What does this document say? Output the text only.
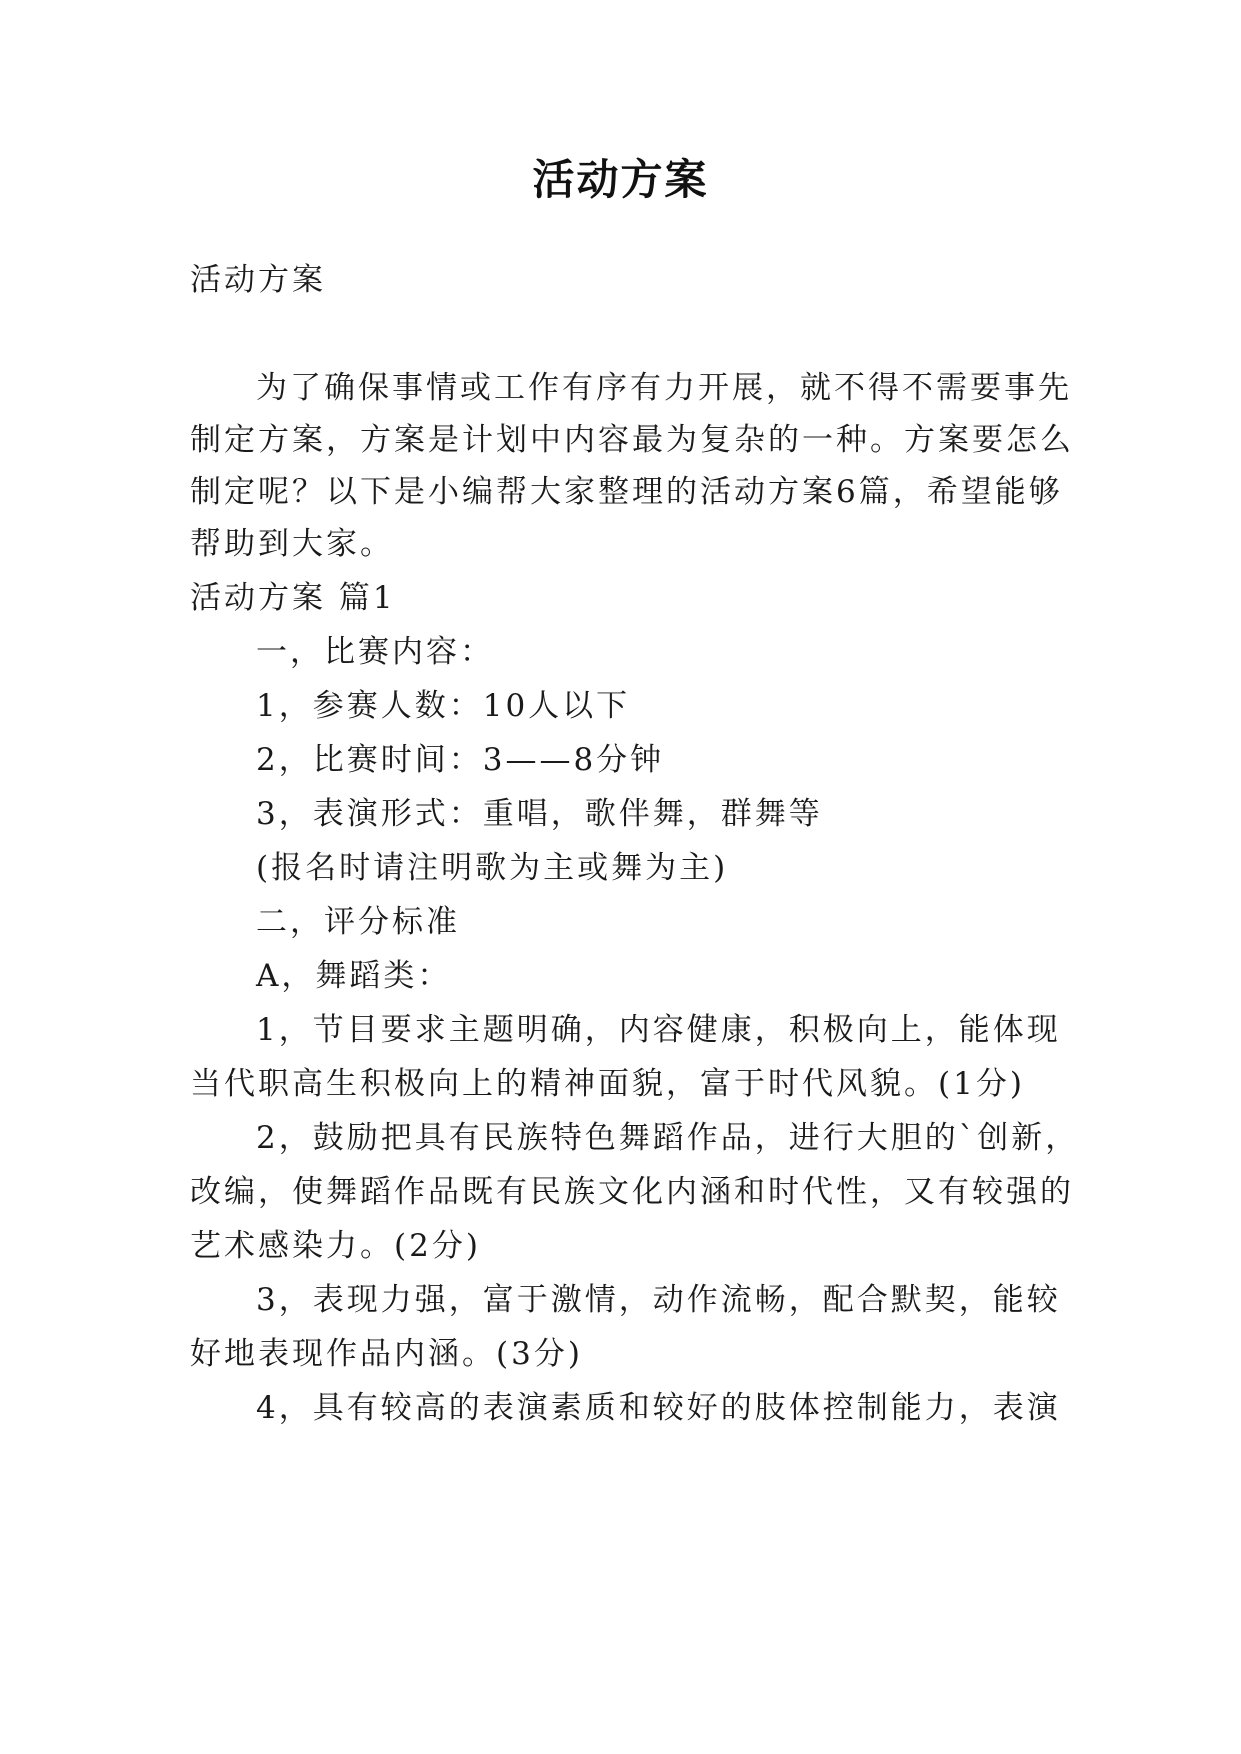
活动方案
活动方案
为了确保事情或工作有序有力开展，就不得不需要事先
制定方案，方案是计划中内容最为复杂的一种。方案要怎么
制定呢？以下是小编帮大家整理的活动方案6篇，希望能够
帮助到大家。
活动方案 篇1
一，比赛内容：
1，参赛人数：10人以下
2，比赛时间：3——8分钟
3，表演形式：重唱，歌伴舞，群舞等
(报名时请注明歌为主或舞为主)
二，评分标准
A，舞蹈类：
1，节目要求主题明确，内容健康，积极向上，能体现
当代职高生积极向上的精神面貌，富于时代风貌。(1分)
2，鼓励把具有民族特色舞蹈作品，进行大胆的`创新，
改编，使舞蹈作品既有民族文化内涵和时代性，又有较强的
艺术感染力。(2分)
3，表现力强，富于激情，动作流畅，配合默契，能较
好地表现作品内涵。(3分)
4，具有较高的表演素质和较好的肢体控制能力，表演
